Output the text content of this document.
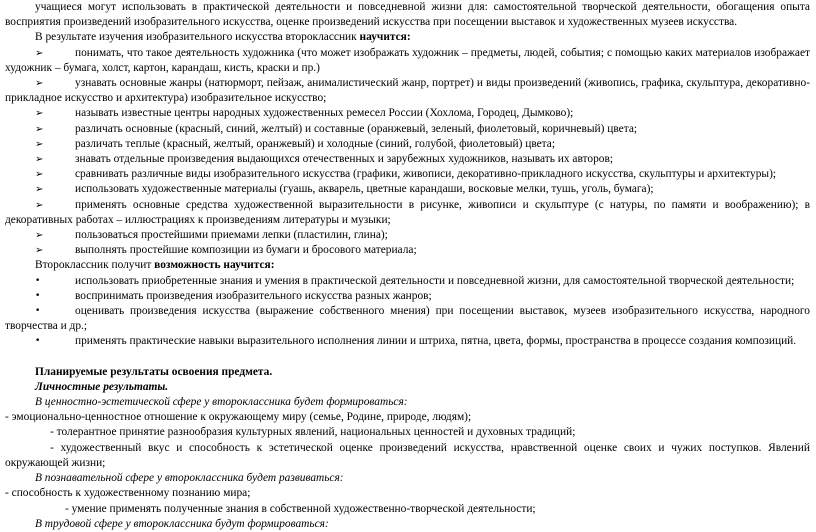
учащиеся могут использовать в практической деятельности и повседневной жизни для: самостоятельной творческой деятельности, обогащения опыта восприятия произведений изобразительного искусства, оценке произведений искусства при посещении выставок и художественных музеев искусства.

В результате изучения изобразительного искусства второклассник научится:

➢	понимать, что такое деятельность художника (что может изображать художник – предметы, людей, события; с помощью каких материалов изображает художник – бумага, холст, картон, карандаш, кисть, краски и пр.)

➢	узнавать основные жанры (натюрморт, пейзаж, анималистический жанр, портрет) и виды произведений (живопись, графика, скульптура, декоративно-прикладное искусство и архитектура) изобразительное искусство;

➢	называть известные центры народных художественных ремесел России (Хохлома, Городец, Дымково);

➢	различать основные (красный, синий, желтый) и составные (оранжевый, зеленый, фиолетовый, коричневый) цвета;

➢	различать теплые (красный, желтый, оранжевый) и холодные (синий, голубой, фиолетовый) цвета;

➢	знавать отдельные произведения выдающихся отечественных и зарубежных художников, называть их авторов;

➢	сравнивать различные виды изобразительного искусства (графики, живописи, декоративно-прикладного искусства, скульптуры и архитектуры);

➢	использовать художественные материалы (гуашь, акварель, цветные карандаши, восковые мелки, тушь, уголь, бумага);

➢	применять основные средства художественной выразительности в рисунке, живописи и скульптуре (с натуры, по памяти и воображению); в декоративных работах – иллюстрациях к произведениям литературы и музыки;

➢	пользоваться простейшими приемами лепки (пластилин, глина);

➢	выполнять простейшие композиции из бумаги и бросового материала;

Второклассник получит возможность научится:

•	использовать приобретенные знания и умения в практической деятельности и повседневной жизни, для самостоятельной творческой деятельности;

•	воспринимать произведения изобразительного искусства разных жанров;

•	оценивать произведения искусства (выражение собственного мнения) при посещении выставок, музеев изобразительного искусства, народного творчества и др.;

•	применять практические навыки выразительного исполнения линии и штриха, пятна, цвета, формы, пространства в процессе создания композиций.

Планируемые результаты освоения предмета.

Личностные результаты.

В ценностно-эстетической сфере у второклассника будет формироваться:

- эмоционально-ценностное отношение к окружающему миру (семье, Родине, природе, людям);

- толерантное принятие разнообразия культурных явлений, национальных ценностей и духовных традиций;

- художественный вкус и способность к эстетической оценке произведений искусства, нравственной оценке своих и чужих поступков. Явлений окружающей жизни;

В познавательной сфере у второклассника будет развиваться:

- способность к художественному познанию мира;

- умение применять полученные знания в собственной художественно-творческой деятельности;

В трудовой сфере у второклассника будут формироваться:
